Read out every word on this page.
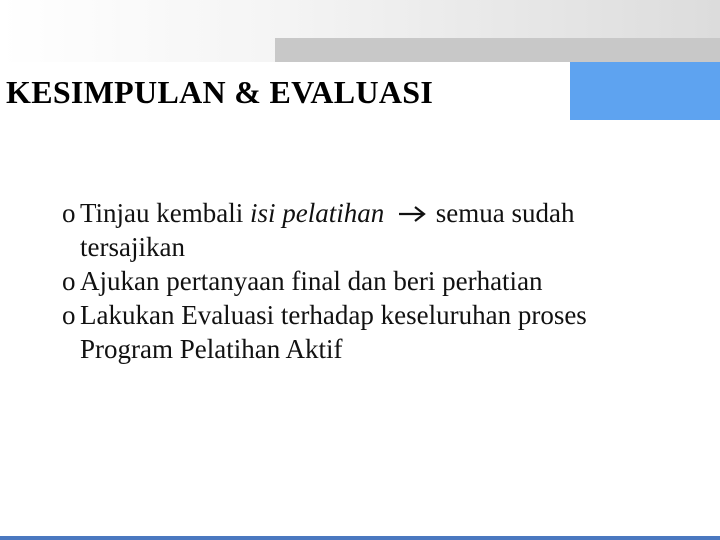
KESIMPULAN & EVALUASI

o Tinjau kembali isi pelatihan  semua sudah tersajikan

o Ajukan pertanyaan final dan beri perhatian

o Lakukan Evaluasi terhadap keseluruhan proses Program Pelatihan Aktif
